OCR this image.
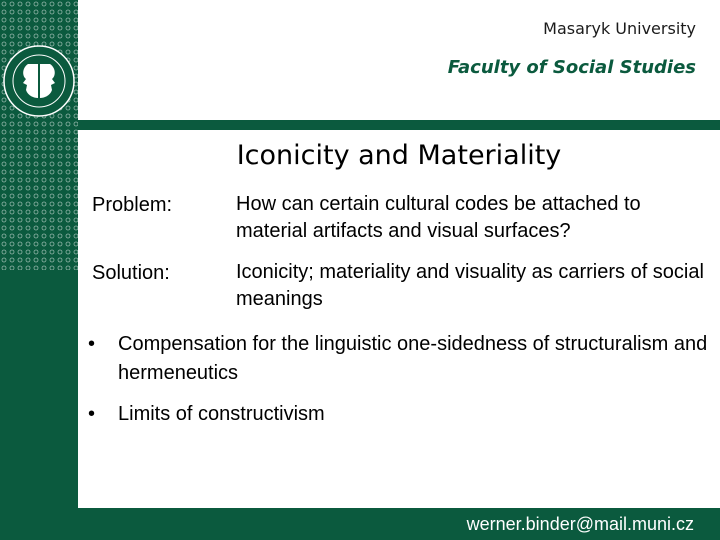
Masaryk University
Faculty of Social Studies
Iconicity and Materiality
Problem:	How can certain cultural codes be attached to material artifacts and visual surfaces?
Solution:	Iconicity; materiality and visuality as carriers of social meanings
• Compensation for the linguistic one-sidedness of structuralism and hermeneutics
• Limits of constructivism
werner.binder@mail.muni.cz
